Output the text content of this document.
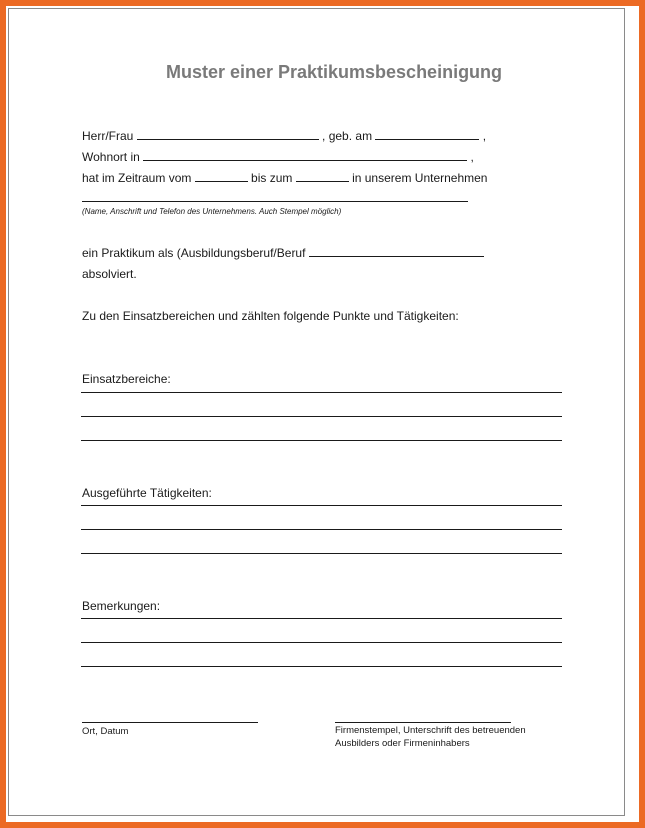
Muster einer Praktikumsbescheinigung
Herr/Frau	, geb. am	,
Wohnort in	,
hat im Zeitraum vom	bis zum	in unserem Unternehmen
(Name, Anschrift und Telefon des Unternehmens. Auch Stempel möglich)
ein Praktikum als (Ausbildungsberuf/Beruf
absolviert.
Zu den Einsatzbereichen und zählten folgende Punkte und Tätigkeiten:
Einsatzbereiche:
Ausgeführte Tätigkeiten:
Bemerkungen:
Ort, Datum	Firmenstempel, Unterschrift des betreuenden
Ausbilders oder Firmeninhabers
